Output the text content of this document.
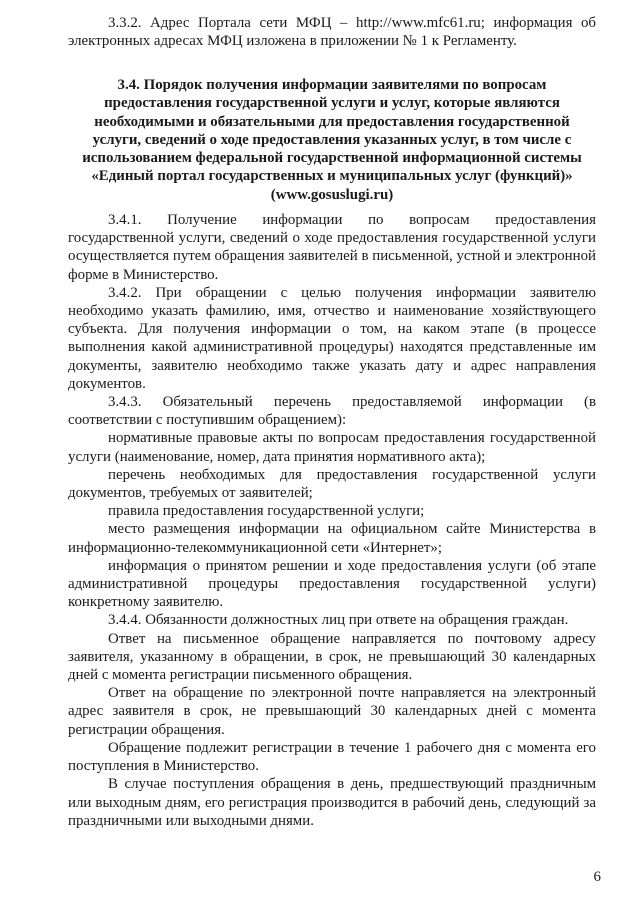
3.3.2. Адрес Портала сети МФЦ – http://www.mfc61.ru; информация об электронных адресах МФЦ изложена в приложении № 1 к Регламенту.

3.4. Порядок получения информации заявителями по вопросам предоставления государственной услуги и услуг, которые являются необходимыми и обязательными для предоставления государственной услуги, сведений о ходе предоставления указанных услуг, в том числе с использованием федеральной государственной информационной системы «Единый портал государственных и муниципальных услуг (функций)» (www.gosuslugi.ru)

3.4.1. Получение информации по вопросам предоставления государственной услуги, сведений о ходе предоставления государственной услуги осуществляется путем обращения заявителей в письменной, устной и электронной форме в Министерство.

3.4.2. При обращении с целью получения информации заявителю необходимо указать фамилию, имя, отчество и наименование хозяйствующего субъекта. Для получения информации о том, на каком этапе (в процессе выполнения какой административной процедуры) находятся представленные им документы, заявителю необходимо также указать дату и адрес направления документов.

3.4.3. Обязательный перечень предоставляемой информации (в соответствии с поступившим обращением):

нормативные правовые акты по вопросам предоставления государственной услуги (наименование, номер, дата принятия нормативного акта);

перечень необходимых для предоставления государственной услуги документов, требуемых от заявителей;

правила предоставления государственной услуги;

место размещения информации на официальном сайте Министерства в информационно-телекоммуникационной сети «Интернет»;

информация о принятом решении и ходе предоставления услуги (об этапе административной процедуры предоставления государственной услуги) конкретному заявителю.

3.4.4. Обязанности должностных лиц при ответе на обращения граждан.

Ответ на письменное обращение направляется по почтовому адресу заявителя, указанному в обращении, в срок, не превышающий 30 календарных дней с момента регистрации письменного обращения.

Ответ на обращение по электронной почте направляется на электронный адрес заявителя в срок, не превышающий 30 календарных дней с момента регистрации обращения.

Обращение подлежит регистрации в течение 1 рабочего дня с момента его поступления в Министерство.

В случае поступления обращения в день, предшествующий праздничным или выходным дням, его регистрация производится в рабочий день, следующий за праздничными или выходными днями.

6
